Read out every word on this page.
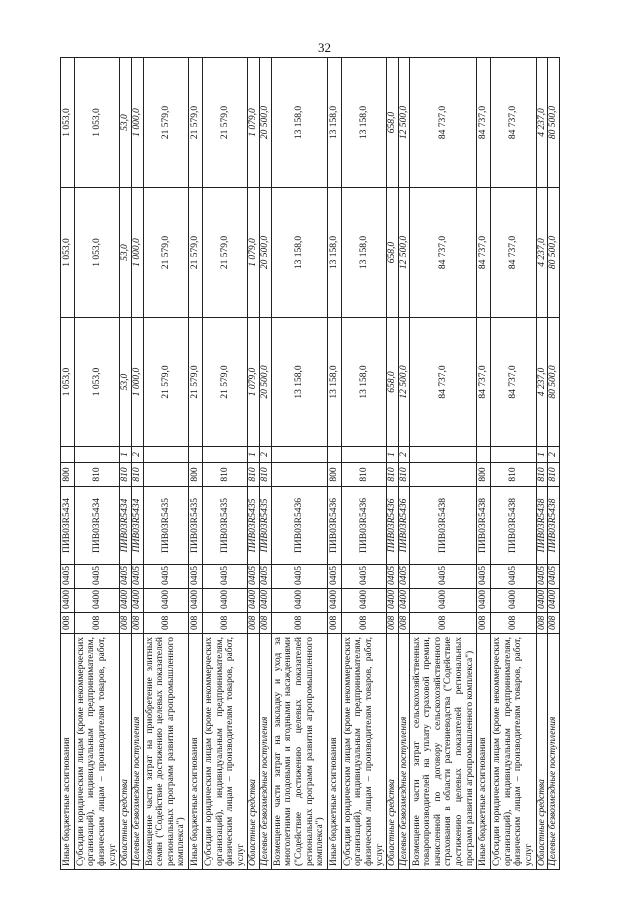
32
Иные бюджетные ассигнования	008	0400	0405	ПИВ03R5434	800		1 053,0	1 053,0	1 053,0
Субсидии юридическим лицам (кроме некоммерческих организаций), индивидуальным предпринимателям, физическим лицам – производителям товаров, работ, услуг	008	0400	0405	ПИВ03R5434	810		1 053,0	1 053,0	1 053,0
Областные средства	008	0400	0405	ПИВ03R5434	810	1	53,0	53,0	53,0
Целевые безвозмездные поступления	008	0400	0405	ПИВ03R5434	810	2	1 000,0	1 000,0	1 000,0
Возмещение части затрат на приобретение элитных семян ("Содействие достижению целевых показателей региональных программ развития агропромышленного комплекса")	008	0400	0405	ПИВ03R5435			21 579,0	21 579,0	21 579,0
Иные бюджетные ассигнования	008	0400	0405	ПИВ03R5435	800		21 579,0	21 579,0	21 579,0
Субсидии юридическим лицам (кроме некоммерческих организаций), индивидуальным предпринимателям, физическим лицам – производителям товаров, работ, услуг	008	0400	0405	ПИВ03R5435	810		21 579,0	21 579,0	21 579,0
Областные средства	008	0400	0405	ПИВ03R5435	810	1	1 079,0	1 079,0	1 079,0
Целевые безвозмездные поступления	008	0400	0405	ПИВ03R5435	810	2	20 500,0	20 500,0	20 500,0
Возмещение части затрат на закладку и уход за многолетними плодовыми и ягодными насаждениями ("Содействие достижению целевых показателей региональных программ развития агропромышленного комплекса")	008	0400	0405	ПИВ03R5436			13 158,0	13 158,0	13 158,0
Иные бюджетные ассигнования	008	0400	0405	ПИВ03R5436	800		13 158,0	13 158,0	13 158,0
Субсидии юридическим лицам (кроме некоммерческих организаций), индивидуальным предпринимателям, физическим лицам – производителям товаров, работ, услуг	008	0400	0405	ПИВ03R5436	810		13 158,0	13 158,0	13 158,0
Областные средства	008	0400	0405	ПИВ03R5436	810	1	658,0	658,0	658,0
Целевые безвозмездные поступления	008	0400	0405	ПИВ03R5436	810	2	12 500,0	12 500,0	12 500,0
Возмещение части затрат сельскохозяйственных товаропроизводителей на уплату страховой премии, начисленной по договору сельскохозяйственного страхования в области растениеводства ("Содействие достижению целевых показателей региональных программ развития агропромышленного комплекса")	008	0400	0405	ПИВ03R5438			84 737,0	84 737,0	84 737,0
Иные бюджетные ассигнования	008	0400	0405	ПИВ03R5438	800		84 737,0	84 737,0	84 737,0
Субсидии юридическим лицам (кроме некоммерческих организаций), индивидуальным предпринимателям, физическим лицам – производителям товаров, работ, услуг	008	0400	0405	ПИВ03R5438	810		84 737,0	84 737,0	84 737,0
Областные средства	008	0400	0405	ПИВ03R5438	810	1	4 237,0	4 237,0	4 237,0
Целевые безвозмездные поступления	008	0400	0405	ПИВ03R5438	810	2	80 500,0	80 500,0	80 500,0
